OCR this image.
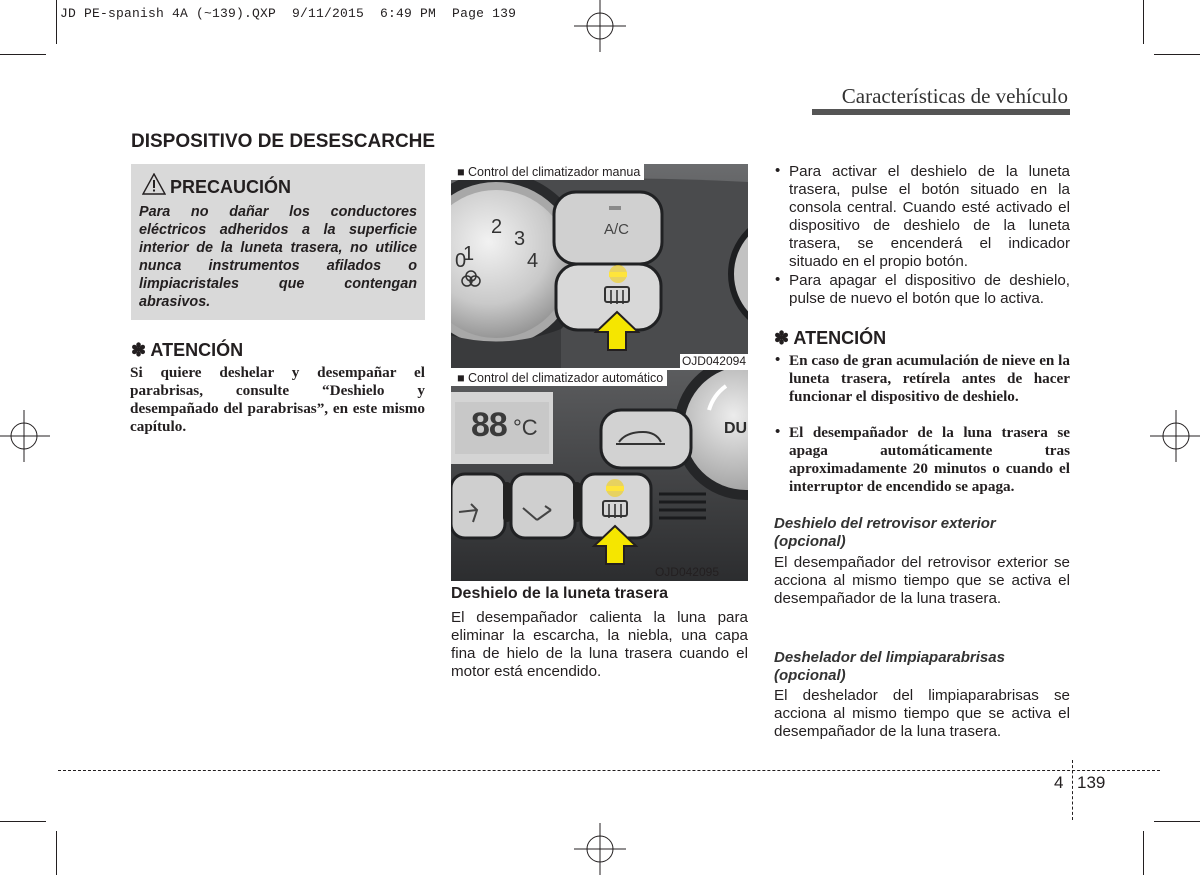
JD PE-spanish 4A (~139).QXP  9/11/2015  6:49 PM  Page 139
Características de vehículo
DISPOSITIVO DE DESESCARCHE
PRECAUCIÓN
Para no dañar los conductores eléctricos adheridos a la superficie interior de la luneta trasera, no utilice nunca instrumentos afilados o limpiacristales que contengan abrasivos.
✽ ATENCIÓN
Si quiere deshelar y desempañar el parabrisas, consulte “Deshielo y desempañado del parabrisas”, en este mismo capítulo.
1
2
3
0	4
A/C
■ Control del climatizador manua
OJD042094
88 °C	DU
■ Control del climatizador automático
OJD042095
Deshielo de la luneta trasera
El desempañador calienta la luna para eliminar la escarcha, la niebla, una capa fina de hielo de la luna trasera cuando el motor está encendido.
• Para activar el deshielo de la luneta trasera, pulse el botón situado en la consola central. Cuando esté activado el dispositivo de deshielo de la luneta trasera, se encenderá el indicador situado en el propio botón.
• Para apagar el dispositivo de deshielo, pulse de nuevo el botón que lo activa.
✽ ATENCIÓN
• En caso de gran acumulación de nieve en la luneta trasera, retírela antes de hacer funcionar el dispositivo de deshielo.
• El desempañador de la luna trasera se apaga automáticamente tras aproximadamente 20 minutos o cuando el interruptor de encendido se apaga.
Deshielo del retrovisor exterior (opcional)
El desempañador del retrovisor exterior se acciona al mismo tiempo que se activa el desempañador de la luna trasera.
Deshelador del limpiaparabrisas (opcional)
El deshelador del limpiaparabrisas se acciona al mismo tiempo que se activa el desempañador de la luna trasera.
4 139
